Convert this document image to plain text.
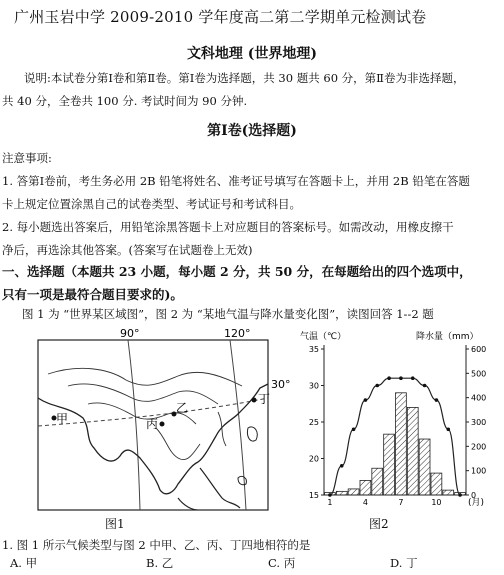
广州玉岩中学 2009-2010 学年度高二第二学期单元检测试卷
文科地理 (世界地理)
说明:本试卷分第Ⅰ卷和第Ⅱ卷。第Ⅰ卷为选择题，共 30 题共 60 分，第Ⅱ卷为非选择题，
共 40 分，全卷共 100 分. 考试时间为 90 分钟.
第Ⅰ卷(选择题)
注意事项:
1. 答第Ⅰ卷前，考生务必用 2B 铅笔将姓名、准考证号填写在答题卡上，并用 2B 铅笔在答题
卡上规定位置涂黑自己的试卷类型、考试证号和考试科目。
2. 每小题选出答案后，用铅笔涂黑答题卡上对应题目的答案标号。如需改动，用橡皮擦干
净后，再选涂其他答案。(答案写在试题卷上无效)
一、选择题（本题共 23 小题，每小题 2 分，共 50 分，在每题给出的四个选项中，
只有一项是最符合题目要求的)。
图 1 为 “世界某区域图”，图 2 为 “某地气温与降水量变化图”，读图回答 1--2 题
90°	120°
30°
甲
乙
丙
丁
图1
气温（℃）	降水量（mm）
(月)
15
20
25
30
35
0
100
200
300
400
500
600
1	4	7	10
图2
1. 图 1 所示气候类型与图 2 中甲、乙、丙、丁四地相符的是
A. 甲	B. 乙	C. 丙	D. 丁
